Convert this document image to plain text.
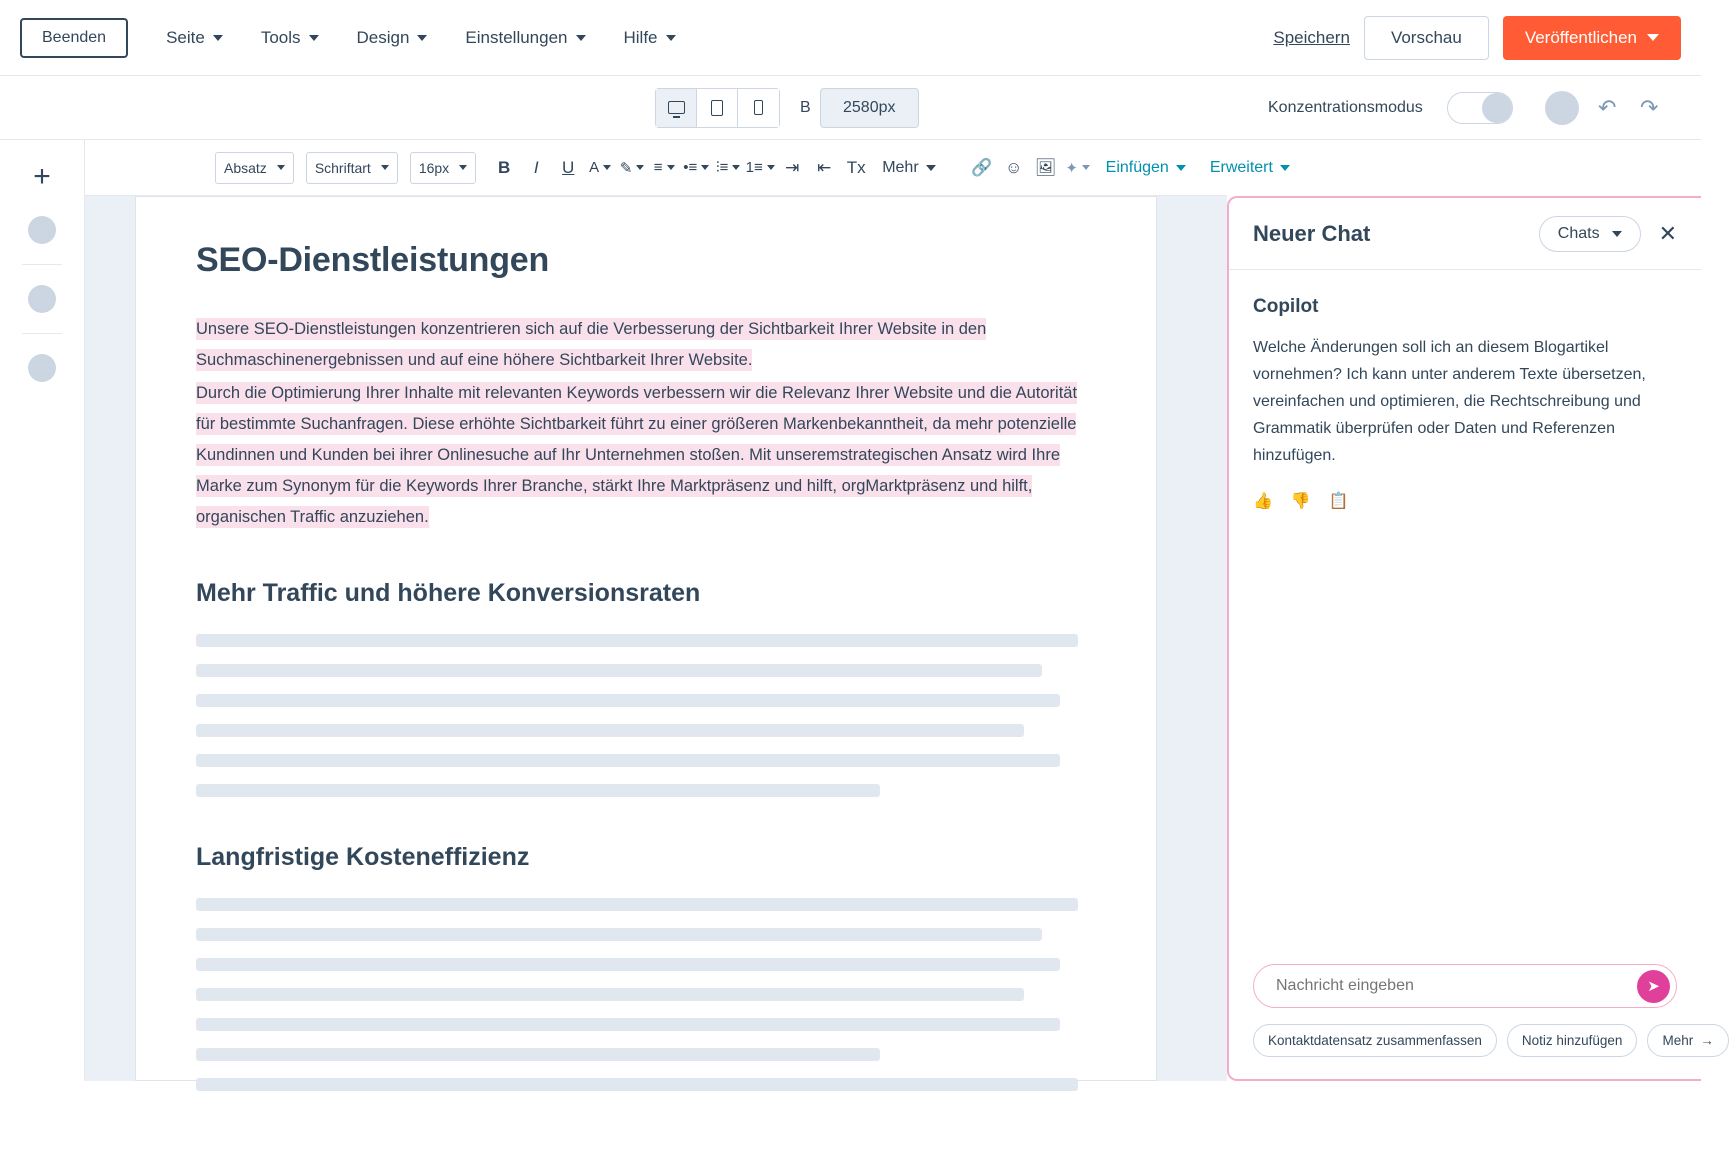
Beenden	Seite	Tools	Design	Einstellungen	Hilfe	Speichern	Vorschau	Veröffentlichen
B	2580px	Konzentrationsmodus	↶ ↷
+	Absatz	Schriftart	16px	B	I	U A ✎ ≡ •≡ ⫶≡ 1≡	⇥	⇤ Tx Mehr	🔗 ☺ 🖼 ✦ Einfügen	Erweitert
SEO-Dienstleistungen

Unsere SEO-Dienstleistungen konzentrieren sich auf die Verbesserung der Sichtbarkeit Ihrer Website in den Suchmaschinenergebnissen und auf eine höhere Sichtbarkeit Ihrer Website.

Durch die Optimierung Ihrer Inhalte mit relevanten Keywords verbessern wir die Relevanz Ihrer Website und die Autorität für bestimmte Suchanfragen. Diese erhöhte Sichtbarkeit führt zu einer größeren Markenbekanntheit, da mehr potenzielle Kundinnen und Kunden bei ihrer Onlinesuche auf Ihr Unternehmen stoßen. Mit unseremstrategischen Ansatz wird Ihre Marke zum Synonym für die Keywords Ihrer Branche, stärkt Ihre Marktpräsenz und hilft, orgMarktpräsenz und hilft, organischen Traffic anzuziehen.

Mehr Traffic und höhere Konversionsraten
Langfristige Kosteneffizienz
Neuer Chat	Chats	✕
Copilot

Welche Änderungen soll ich an diesem Blogartikel vornehmen? Ich kann unter anderem Texte übersetzen, vereinfachen und optimieren, die Rechtschreibung und Grammatik überprüfen oder Daten und Referenzen hinzufügen.

👍 👎 📋
Nachricht eingeben
➤
Kontaktdatensatz zusammenfassen	Notiz hinzufügen	Mehr →
